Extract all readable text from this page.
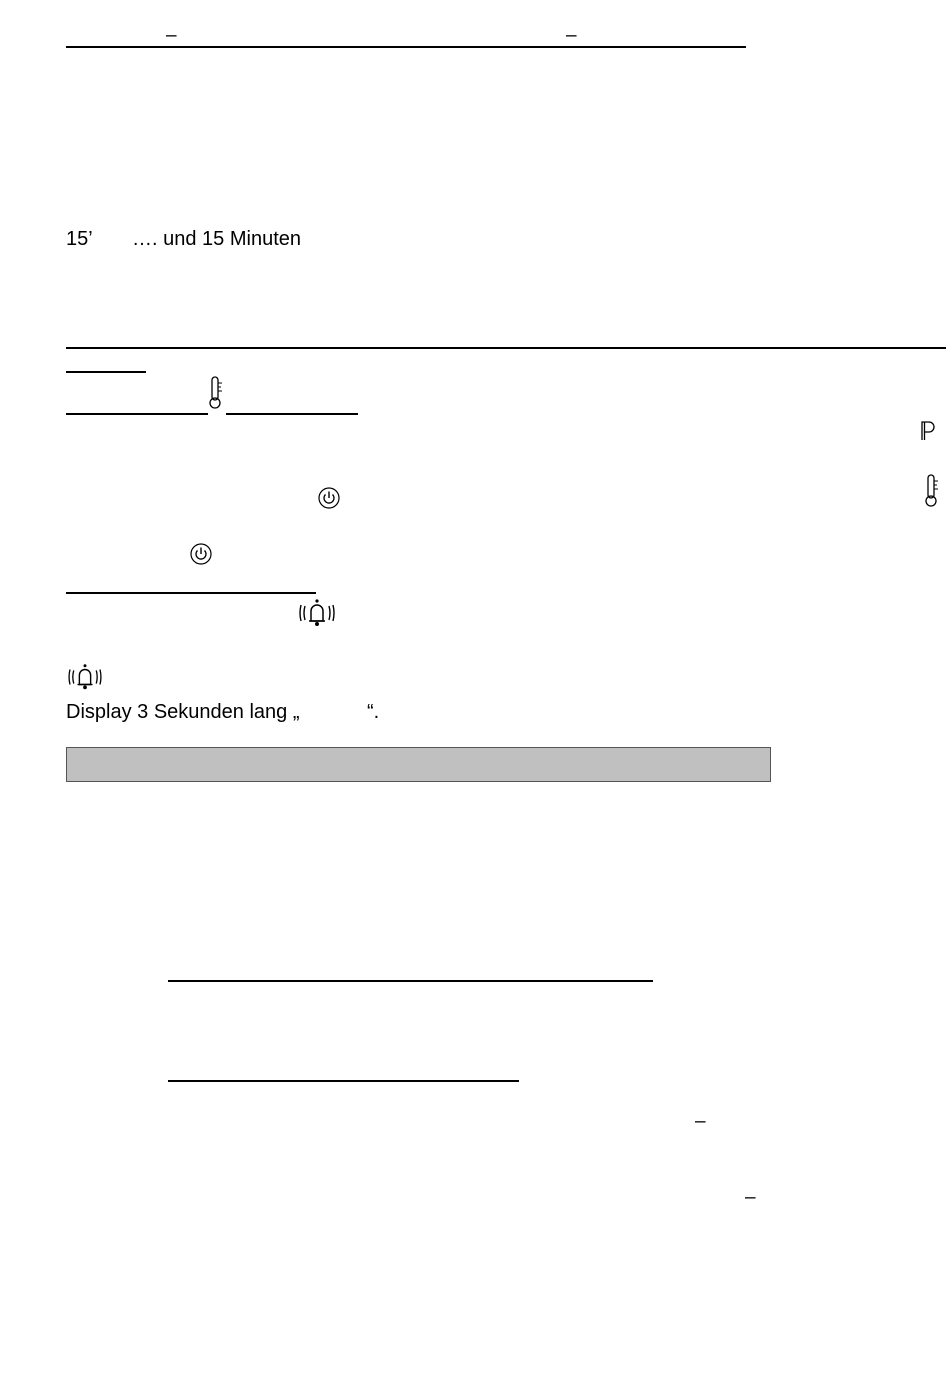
–	–
15’ …. und 15 Minuten
Display 3 Sekunden lang „	“.
–
–
